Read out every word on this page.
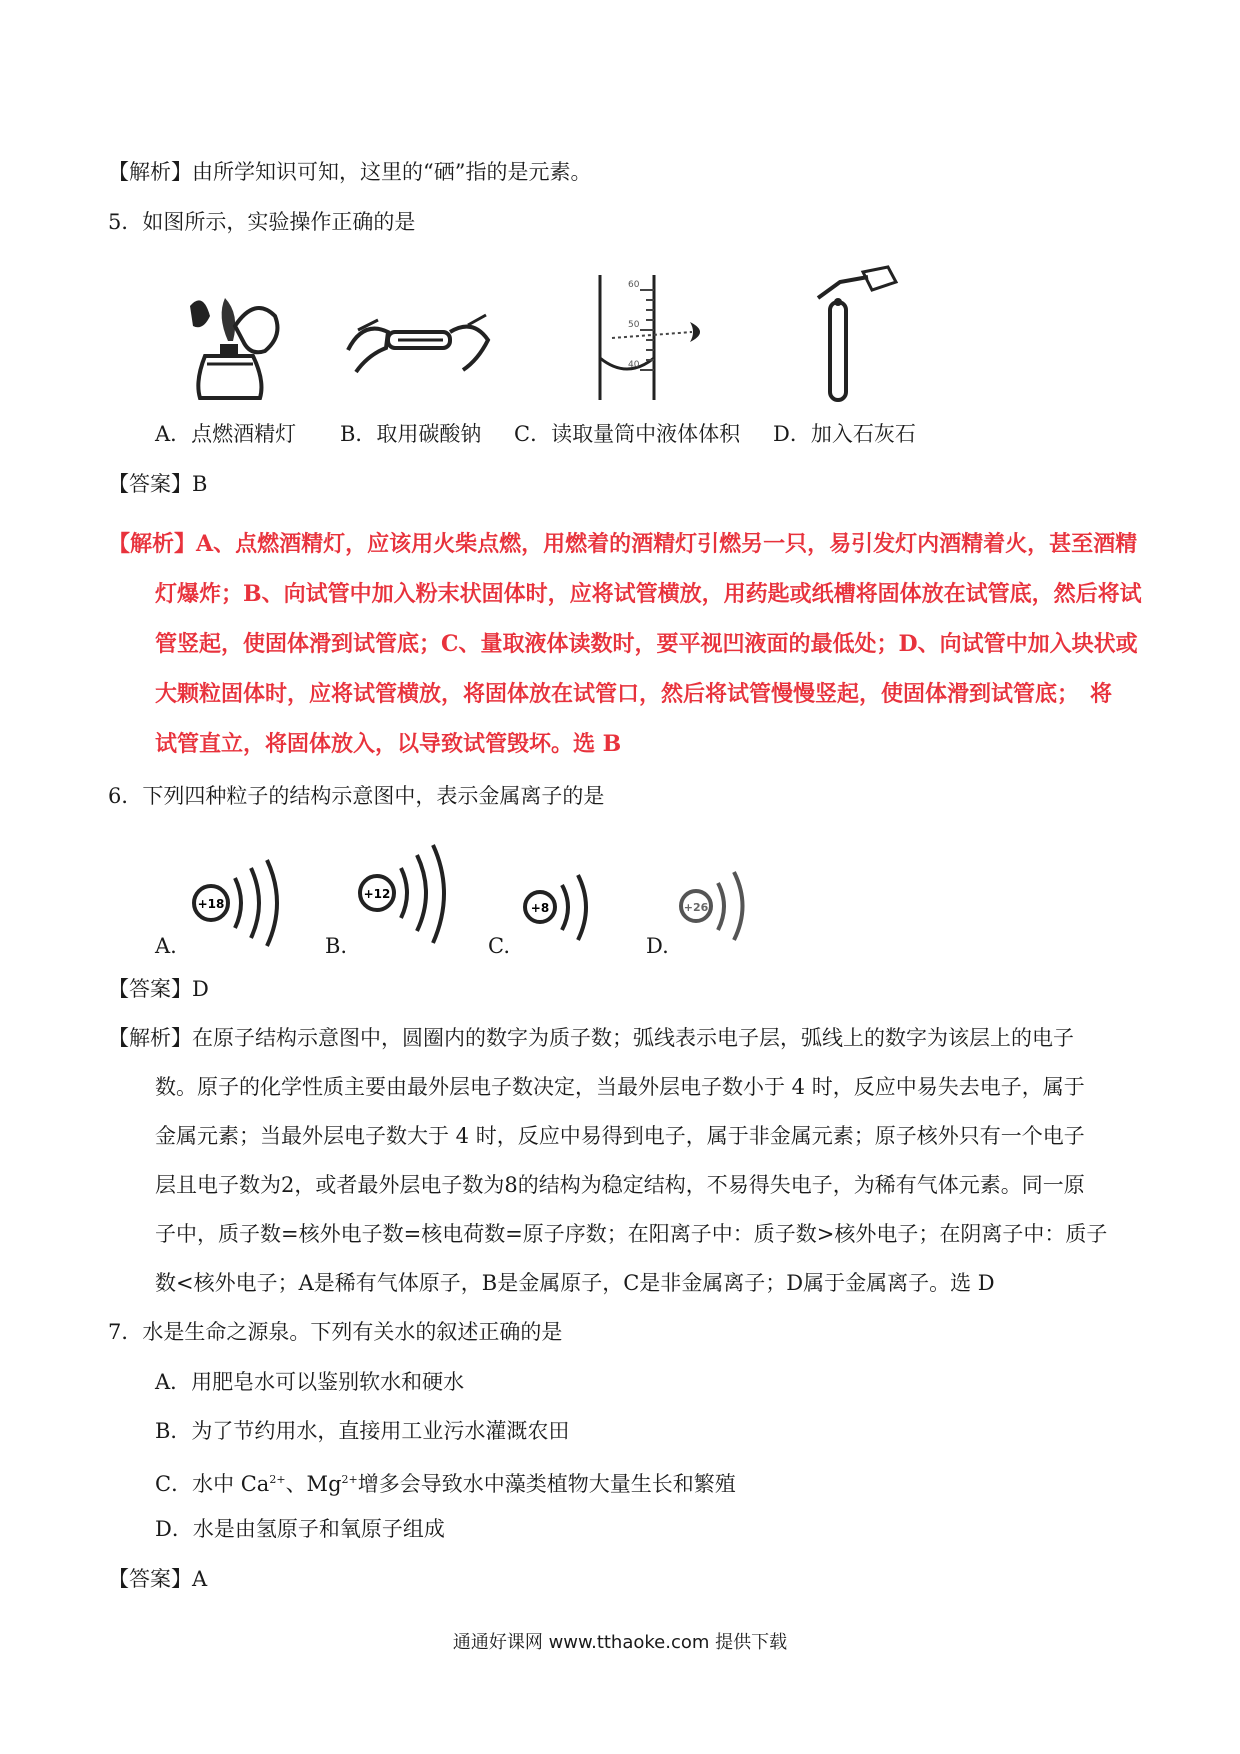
【解析】由所学知识可知，这里的“硒”指的是元素。
5．如图所示，实验操作正确的是
60
50
40
A．点燃酒精灯 B．取用碳酸钠 C．读取量筒中液体体积 D．加入石灰石
【答案】B
【解析】A、点燃酒精灯，应该用火柴点燃，用燃着的酒精灯引燃另一只，易引发灯内酒精着火，甚至酒精
灯爆炸；B、向试管中加入粉末状固体时，应将试管横放，用药匙或纸槽将固体放在试管底，然后将试
管竖起，使固体滑到试管底；C、量取液体读数时，要平视凹液面的最低处；D、向试管中加入块状或
大颗粒固体时，应将试管横放，将固体放在试管口，然后将试管慢慢竖起，使固体滑到试管底；　将
试管直立，将固体放入，以导致试管毁坏。选 B
6．下列四种粒子的结构示意图中，表示金属离子的是
+18
+12
+8	+26
A.	B.	C.	D.
【答案】D
【解析】在原子结构示意图中，圆圈内的数字为质子数；弧线表示电子层，弧线上的数字为该层上的电子
数。原子的化学性质主要由最外层电子数决定，当最外层电子数小于 4 时，反应中易失去电子，属于
金属元素；当最外层电子数大于 4 时，反应中易得到电子，属于非金属元素；原子核外只有一个电子
层且电子数为2，或者最外层电子数为8的结构为稳定结构，不易得失电子，为稀有气体元素。同一原
子中，质子数=核外电子数=核电荷数=原子序数；在阳离子中：质子数>核外电子；在阴离子中：质子
数<核外电子；A是稀有气体原子，B是金属原子，C是非金属离子；D属于金属离子。选 D
7．水是生命之源泉。下列有关水的叙述正确的是
A．用肥皂水可以鉴别软水和硬水
B．为了节约用水，直接用工业污水灌溉农田
C．水中 $Ca^{2+}$、$Mg^{2+}$增多会导致水中藻类植物大量生长和繁殖
D．水是由氢原子和氧原子组成
【答案】A
通通好课网 www.tthaoke.com 提供下载
